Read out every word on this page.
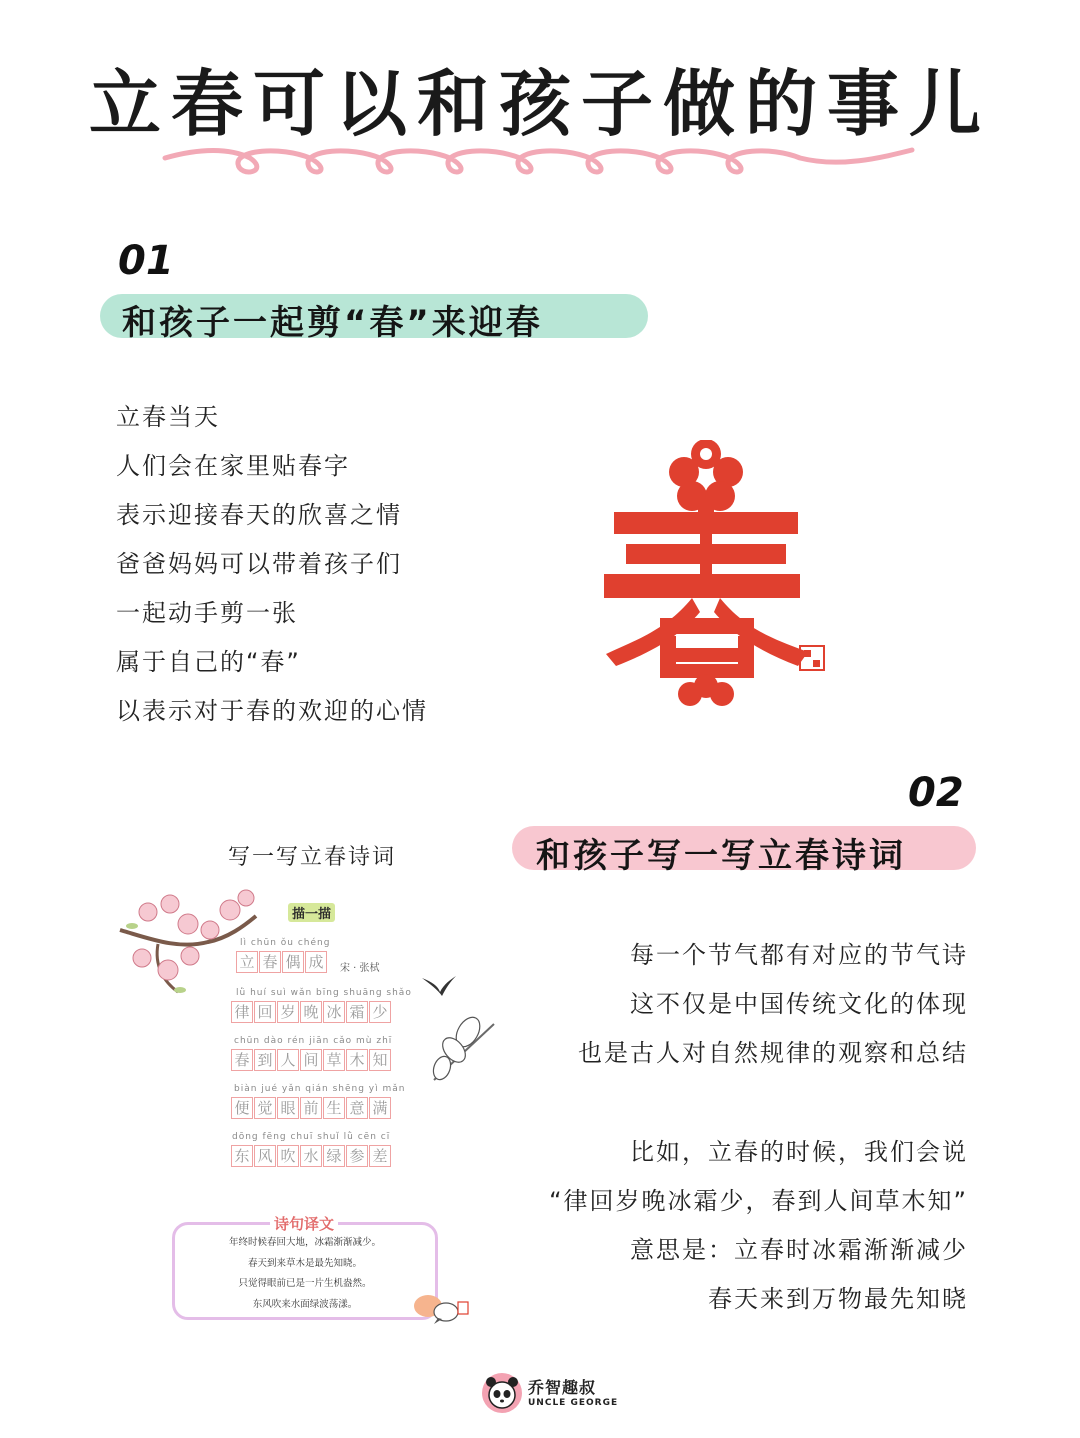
立春可以和孩子做的事儿
01
和孩子一起剪“春”来迎春
立春当天
人们会在家里贴春字
表示迎接春天的欣喜之情
爸爸妈妈可以带着孩子们
一起动手剪一张
属于自己的“春”
以表示对于春的欢迎的心情
02
和孩子写一写立春诗词
写一写立春诗词
描一描
宋 · 张栻
lì chūn ǒu chéng
立 春 偶 成
lǜ huí suì wǎn bīng shuāng shǎo
律 回 岁 晚 冰 霜 少
chūn dào rén jiān cǎo mù zhī
春 到 人 间 草 木 知
biàn jué yǎn qián shēng yì mǎn
便 觉 眼 前 生 意 满
dōng fēng chuī shuǐ lǜ cēn cī
东 风 吹 水 绿 参 差
诗句译文
年终时候春回大地，冰霜渐渐减少。
春天到来草木是最先知晓。
只觉得眼前已是一片生机盎然。
东风吹来水面绿波荡漾。
每一个节气都有对应的节气诗
这不仅是中国传统文化的体现
也是古人对自然规律的观察和总结
比如，立春的时候，我们会说
“律回岁晚冰霜少，春到人间草木知”
意思是：立春时冰霜渐渐减少
春天来到万物最先知晓
乔智趣叔
UNCLE GEORGE
